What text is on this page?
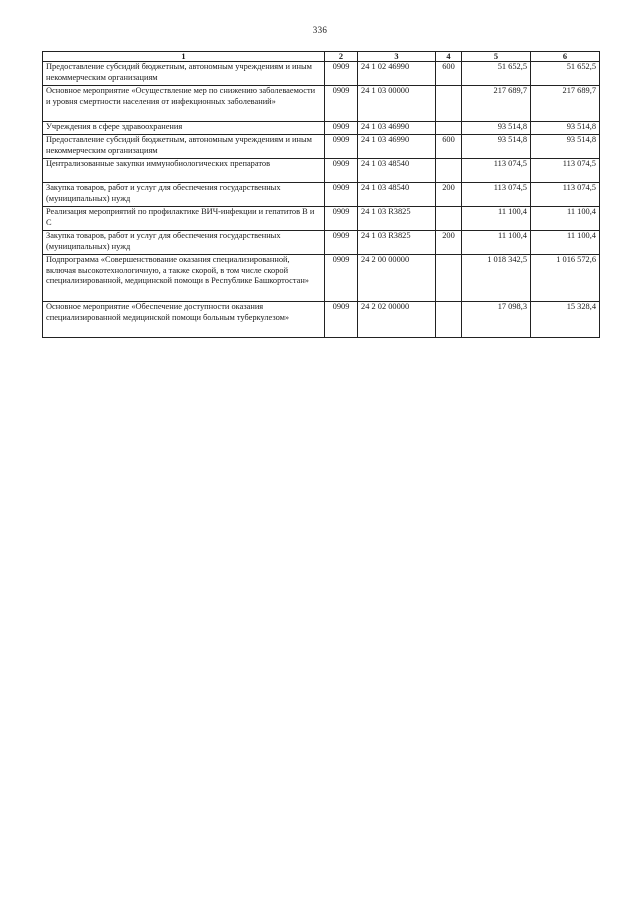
336
1	2	3	4	5	6
Предоставление субсидий бюджетным, автономным учреждениям и иным некоммерческим организациям	0909	24 1 02 46990	600	51 652,5	51 652,5
Основное мероприятие «Осуществление мер по снижению заболеваемости и уровня смертности населения от инфекционных заболеваний»	0909	24 1 03 00000		217 689,7	217 689,7
Учреждения в сфере здравоохранения	0909	24 1 03 46990		93 514,8	93 514,8
Предоставление субсидий бюджетным, автономным учреждениям и иным некоммерческим организациям	0909	24 1 03 46990	600	93 514,8	93 514,8
Централизованные закупки иммунобиологических препаратов	0909	24 1 03 48540		113 074,5	113 074,5
Закупка товаров, работ и услуг для обеспечения государственных (муниципальных) нужд	0909	24 1 03 48540	200	113 074,5	113 074,5
Реализация мероприятий по профилактике ВИЧ-инфекции и гепатитов B и C	0909	24 1 03 R3825		11 100,4	11 100,4
Закупка товаров, работ и услуг для обеспечения государственных (муниципальных) нужд	0909	24 1 03 R3825	200	11 100,4	11 100,4
Подпрограмма «Совершенствование оказания специализированной, включая высокотехнологичную, а также скорой, в том числе скорой специализированной, медицинской помощи в Республике Башкортостан»	0909	24 2 00 00000		1 018 342,5	1 016 572,6
Основное мероприятие «Обеспечение доступности оказания специализированной медицинской помощи больным туберкулезом»	0909	24 2 02 00000		17 098,3	15 328,4
